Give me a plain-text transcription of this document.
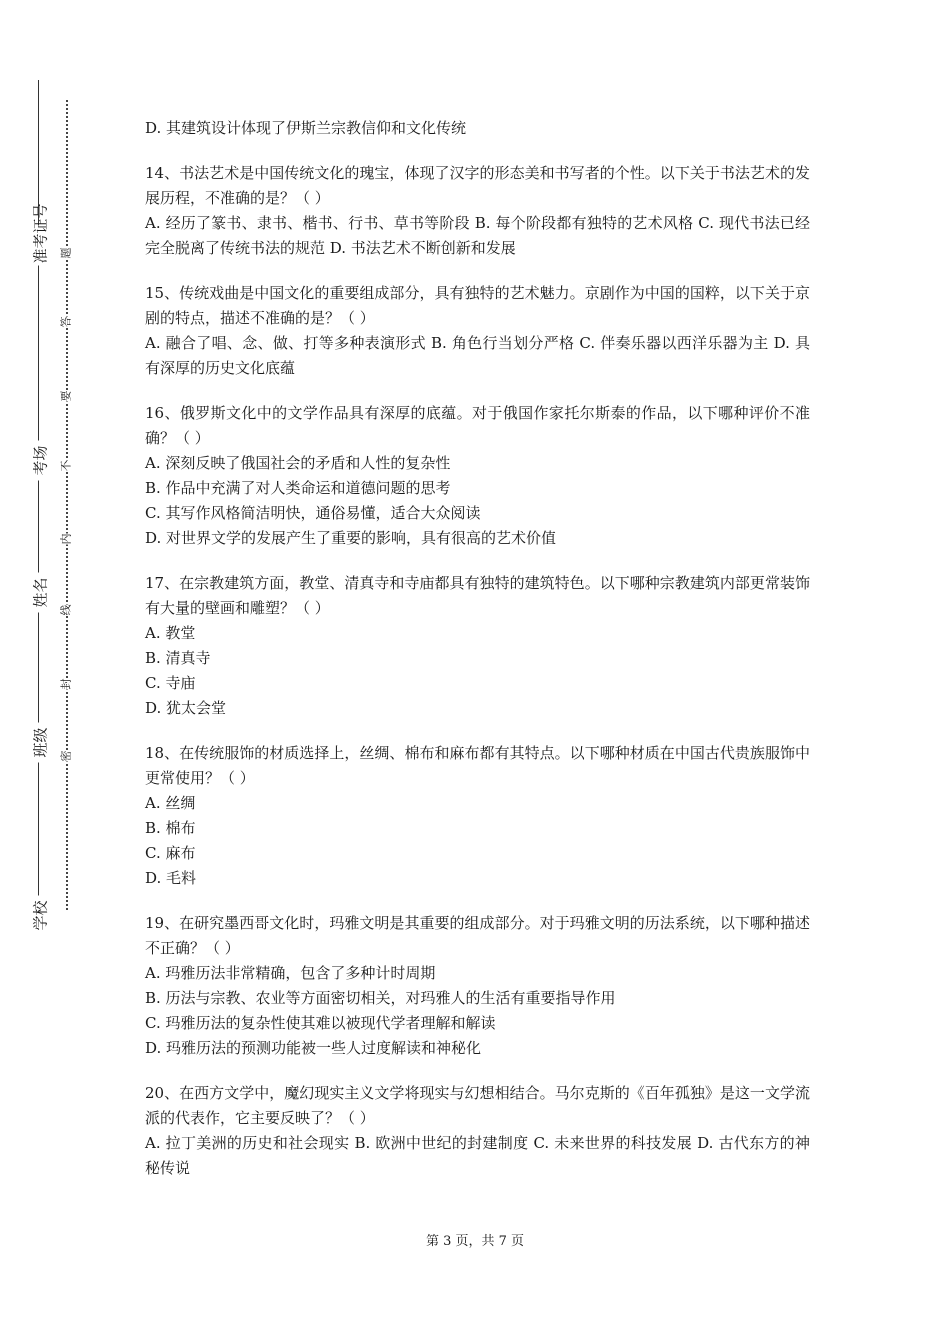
准考证号
考场
姓名
班级
学校
题
答
要
不
内
线
封
密
D. 其建筑设计体现了伊斯兰宗教信仰和文化传统
14、书法艺术是中国传统文化的瑰宝，体现了汉字的形态美和书写者的个性。以下关于书法艺术的发展历程，不准确的是？（ ）
A. 经历了篆书、隶书、楷书、行书、草书等阶段 B. 每个阶段都有独特的艺术风格 C. 现代书法已经完全脱离了传统书法的规范 D. 书法艺术不断创新和发展
15、传统戏曲是中国文化的重要组成部分，具有独特的艺术魅力。京剧作为中国的国粹，以下关于京剧的特点，描述不准确的是？（ ）
A. 融合了唱、念、做、打等多种表演形式 B. 角色行当划分严格 C. 伴奏乐器以西洋乐器为主 D. 具有深厚的历史文化底蕴
16、俄罗斯文化中的文学作品具有深厚的底蕴。对于俄国作家托尔斯泰的作品，以下哪种评价不准确？（ ）
A. 深刻反映了俄国社会的矛盾和人性的复杂性
B. 作品中充满了对人类命运和道德问题的思考
C. 其写作风格简洁明快，通俗易懂，适合大众阅读
D. 对世界文学的发展产生了重要的影响，具有很高的艺术价值
17、在宗教建筑方面，教堂、清真寺和寺庙都具有独特的建筑特色。以下哪种宗教建筑内部更常装饰有大量的壁画和雕塑？（ ）
A. 教堂
B. 清真寺
C. 寺庙
D. 犹太会堂
18、在传统服饰的材质选择上，丝绸、棉布和麻布都有其特点。以下哪种材质在中国古代贵族服饰中更常使用？（ ）
A. 丝绸
B. 棉布
C. 麻布
D. 毛料
19、在研究墨西哥文化时，玛雅文明是其重要的组成部分。对于玛雅文明的历法系统，以下哪种描述不正确？（ ）
A. 玛雅历法非常精确，包含了多种计时周期
B. 历法与宗教、农业等方面密切相关，对玛雅人的生活有重要指导作用
C. 玛雅历法的复杂性使其难以被现代学者理解和解读
D. 玛雅历法的预测功能被一些人过度解读和神秘化
20、在西方文学中，魔幻现实主义文学将现实与幻想相结合。马尔克斯的《百年孤独》是这一文学流派的代表作，它主要反映了？（ ）
A. 拉丁美洲的历史和社会现实 B. 欧洲中世纪的封建制度 C. 未来世界的科技发展 D. 古代东方的神秘传说
第 3 页，共 7 页
